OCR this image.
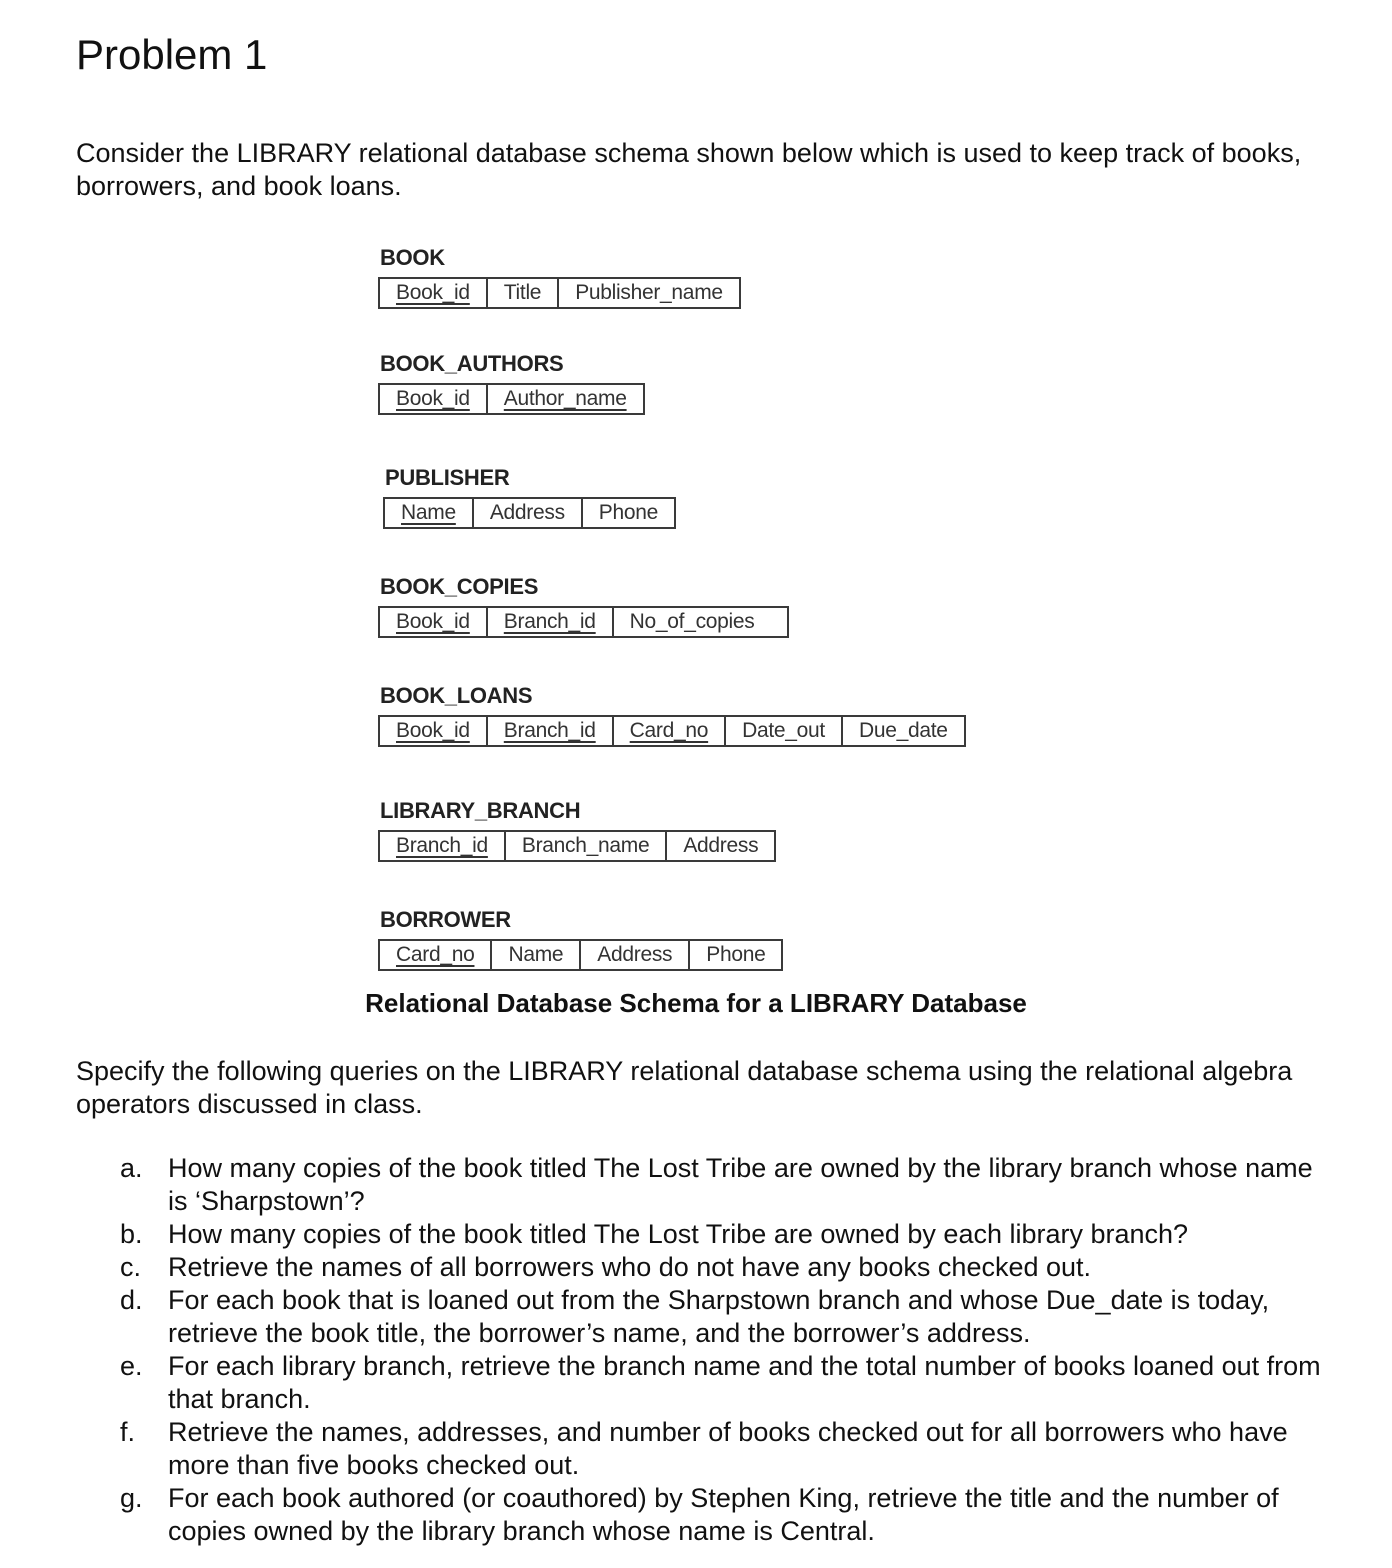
Problem 1

Consider the LIBRARY relational database schema shown below which is used to keep track of books, borrowers, and book loans.

BOOK
Book_id	Title	Publisher_name
BOOK_AUTHORS
Book_id	Author_name
PUBLISHER
Name	Address	Phone
BOOK_COPIES
Book_id	Branch_id	No_of_copies
BOOK_LOANS
Book_id	Branch_id	Card_no	Date_out	Due_date
LIBRARY_BRANCH
Branch_id	Branch_name	Address
BORROWER
Card_no	Name	Address	Phone

Relational Database Schema for a LIBRARY Database

Specify the following queries on the LIBRARY relational database schema using the relational algebra operators discussed in class.

a. How many copies of the book titled The Lost Tribe are owned by the library branch whose name is ‘Sharpstown’?
b. How many copies of the book titled The Lost Tribe are owned by each library branch?
c. Retrieve the names of all borrowers who do not have any books checked out.
d. For each book that is loaned out from the Sharpstown branch and whose Due_date is today, retrieve the book title, the borrower’s name, and the borrower’s address.
e. For each library branch, retrieve the branch name and the total number of books loaned out from that branch.
f.	Retrieve the names, addresses, and number of books checked out for all borrowers who have more than five books checked out.
g. For each book authored (or coauthored) by Stephen King, retrieve the title and the number of copies owned by the library branch whose name is Central.
